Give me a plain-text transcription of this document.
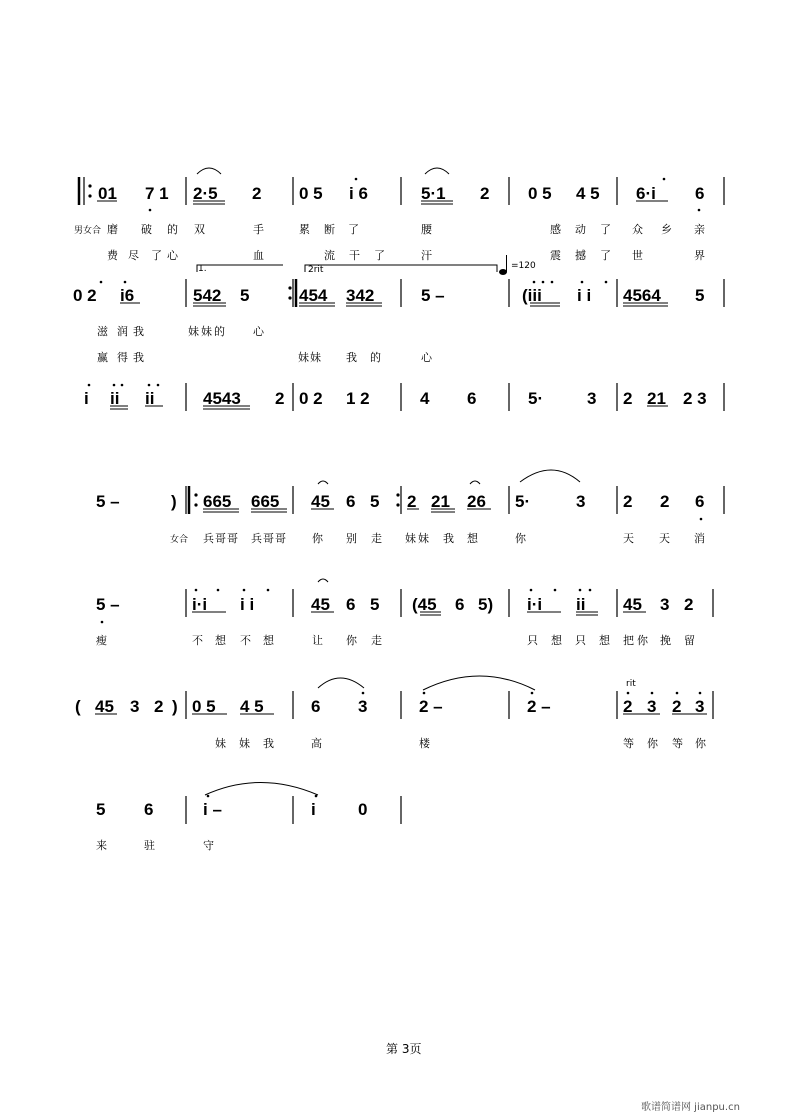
01 7 1 2·5 2 0 5 i 6	5·1 2 0 5 4 5 6·i 6
男女合 磨 破 的 双	手	累 断 了	腰	感 动 了 众 乡 亲
费 尽 了 心	血	流 干 了	汗	震 撼 了 世	界
1.	2rit	=120
0 2 i6	542 5	454 342	5 –	(iii i i 4564 5
滋 润 我	妹 妹 的	心
赢 得 我	妹 妹 我 的	心
i ii ii	4543 2 0 2 1 2	4 6	5·	3 2 21 2 3
5 –	) 665 665 45 6 5 2 21 26 5·	3 2 2 6
女合 兵 哥 哥 兵 哥 哥 你 别 走 妹 妹 我 想	你	天 天 消
5 –	i·i i i	45 6 5 (45 6 5) i·i ii 45 3 2
瘦	不 想 不 想	让 你 走	只 想 只 想 把 你 挽 留
rit
( 45 3 2 ) 0 5 4 5	6 3	2 –	2 –	2 3 2 3
妹 妹 我	高	楼	等 你 等 你
5 6	i –	i 0
来	驻	守
第 3页
歌谱简谱网 jianpu.cn
